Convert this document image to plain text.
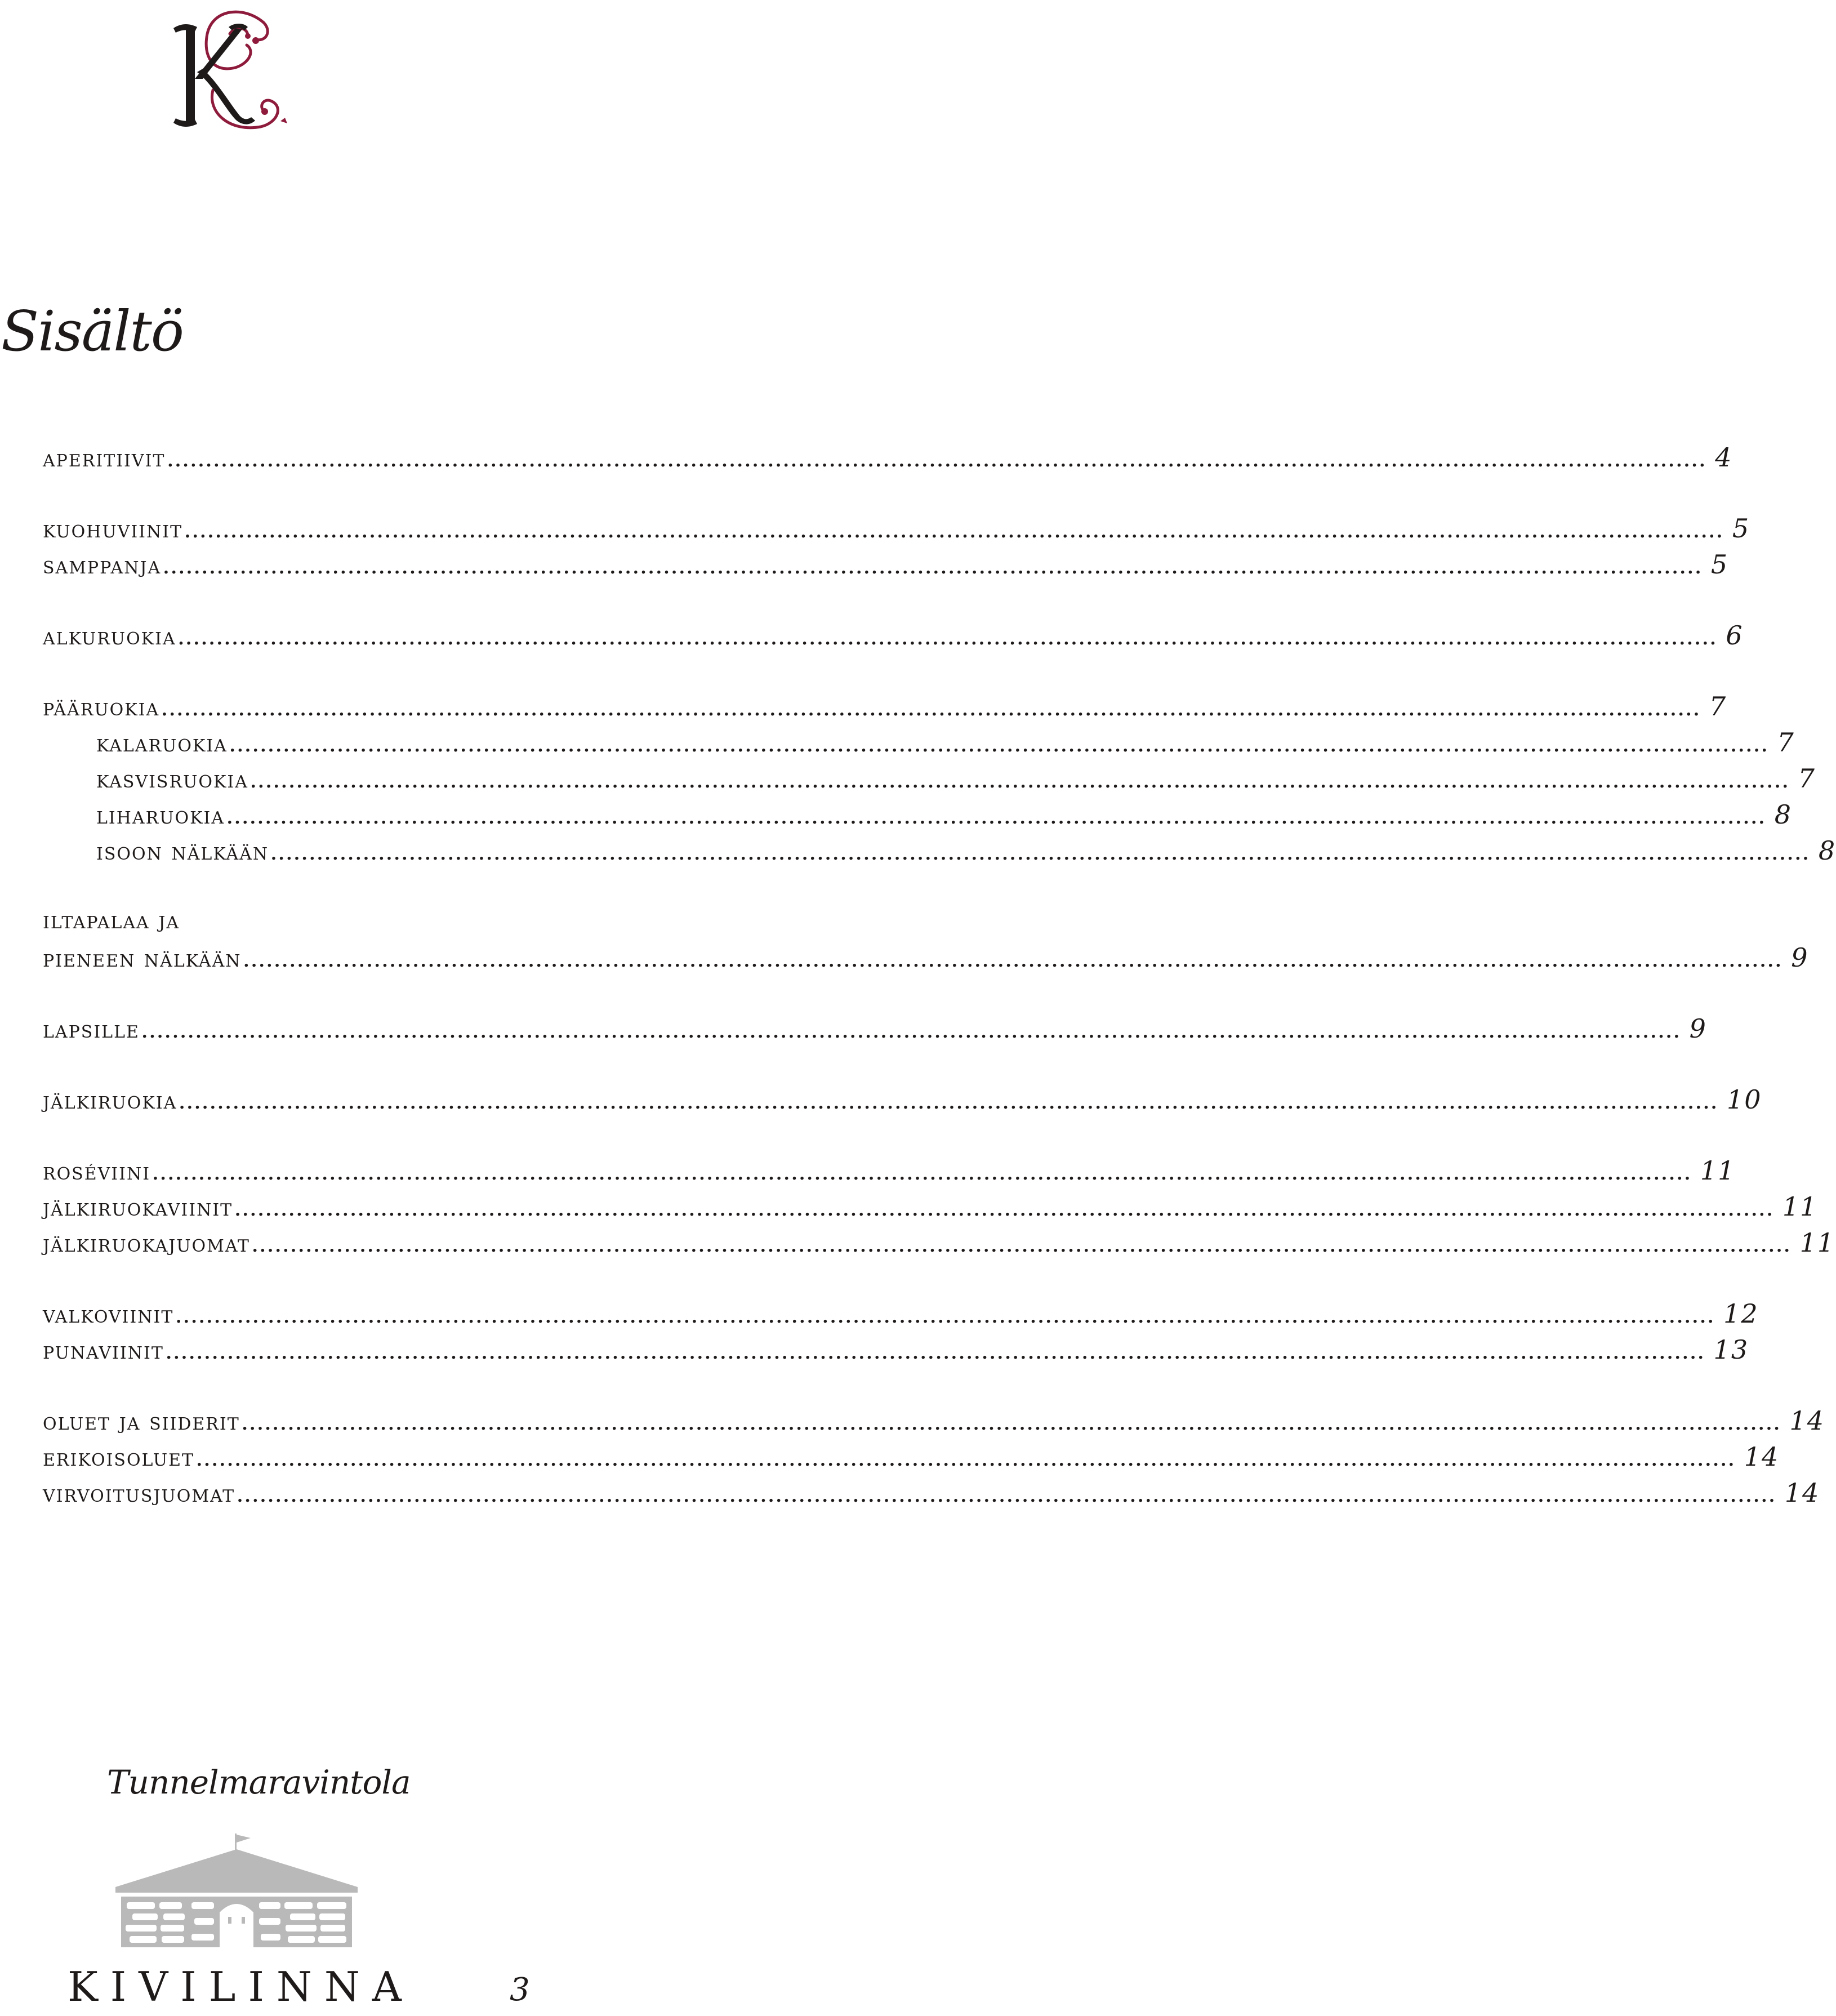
Sisältö
aperitiivit ........................................................................................................................................................................................................ 4
kuohuviinit ........................................................................................................................................................................................................ 5
samppanja ........................................................................................................................................................................................................ 5
alkuruokia ........................................................................................................................................................................................................ 6
pääruokia ........................................................................................................................................................................................................ 7
kalaruokia ........................................................................................................................................................................................................ 7
kasvisruokia ........................................................................................................................................................................................................ 7
liharuokia ........................................................................................................................................................................................................ 8
isoon nälkään ........................................................................................................................................................................................................ 8
iltapalaa ja
pieneen nälkään ........................................................................................................................................................................................................ 9
lapsille ........................................................................................................................................................................................................ 9
jälkiruokia ........................................................................................................................................................................................................ 10
roséviini ........................................................................................................................................................................................................ 11
jälkiruokaviinit ........................................................................................................................................................................................................ 11
jälkiruokajuomat ........................................................................................................................................................................................................ 11
valkoviinit ........................................................................................................................................................................................................ 12
punaviinit ........................................................................................................................................................................................................ 13
oluet ja siiderit ........................................................................................................................................................................................................ 14
erikoisoluet ........................................................................................................................................................................................................ 14
virvoitusjuomat ........................................................................................................................................................................................................ 14
Tunnelmaravintola
KIVILINNA	3
